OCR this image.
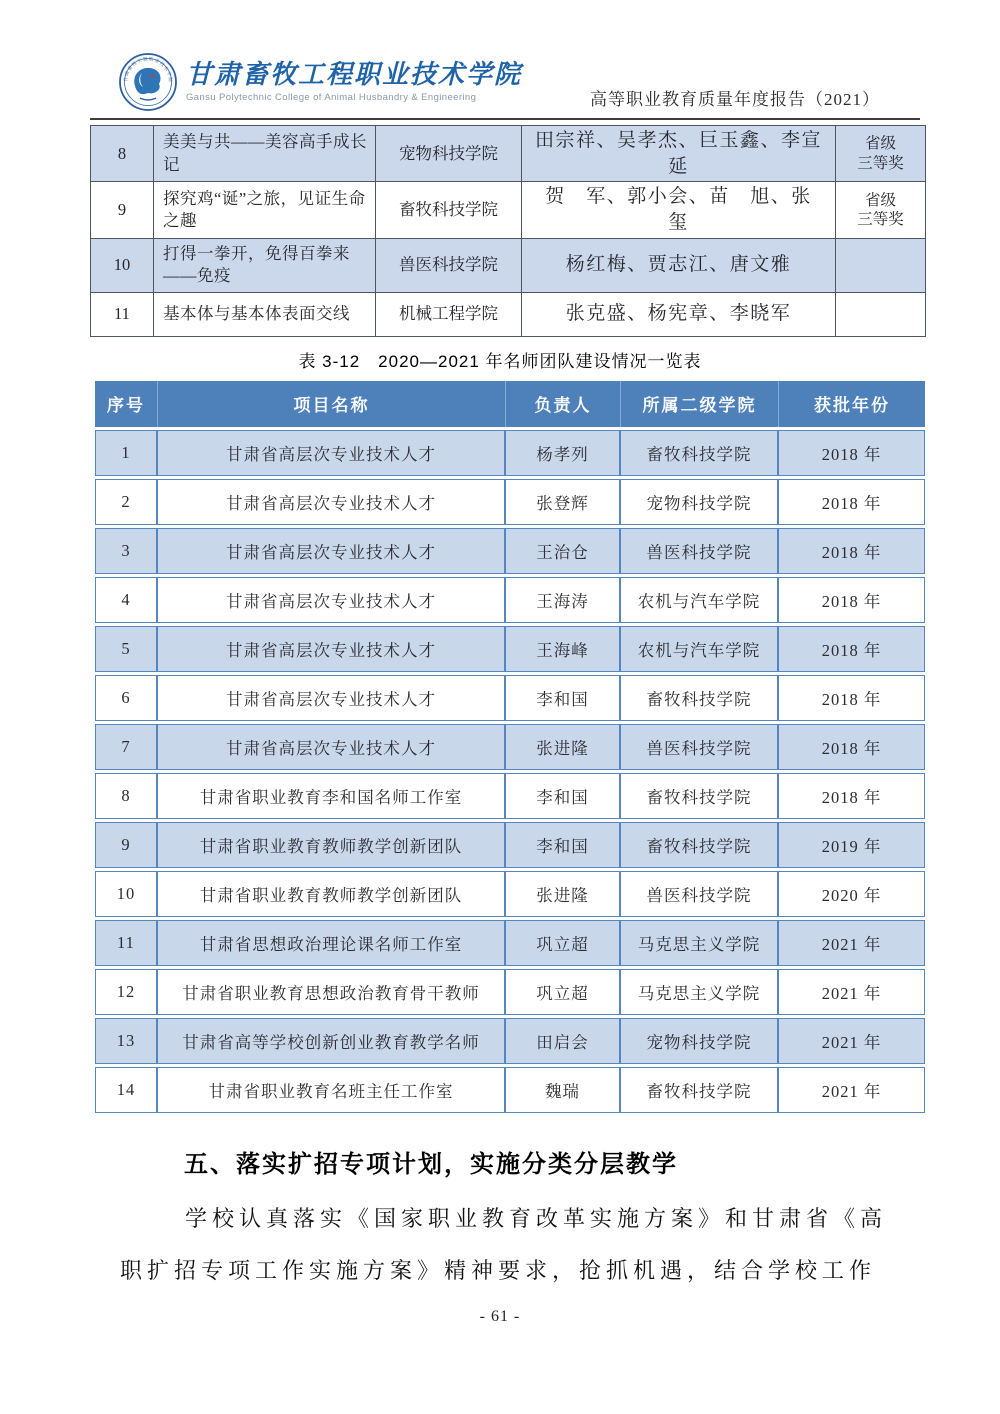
甘肃畜牧工程职业技术学院 甘肃畜牧工程职业技术学院
Gansu Polytechnic College of Animal Husbandry & Engineering	高等职业教育质量年度报告（2021）
8	美美与共——美容高手成长记	宠物科技学院	田宗祥、吴孝杰、巨玉鑫、李宣延	省级
三等奖
9	探究鸡“诞”之旅，见证生命之趣	畜牧科技学院	贺　军、郭小会、苗　旭、张　玺	省级
三等奖
10	打得一拳开，免得百拳来——免疫	兽医科技学院	杨红梅、贾志江、唐文雅	
11	基本体与基本体表面交线	机械工程学院	张克盛、杨宪章、李晓军	
表 3-12　2020—2021 年名师团队建设情况一览表
序号	项目名称	负责人	所属二级学院	获批年份
1	甘肃省高层次专业技术人才	杨孝列	畜牧科技学院	2018 年
2	甘肃省高层次专业技术人才	张登辉	宠物科技学院	2018 年
3	甘肃省高层次专业技术人才	王治仓	兽医科技学院	2018 年
4	甘肃省高层次专业技术人才	王海涛	农机与汽车学院	2018 年
5	甘肃省高层次专业技术人才	王海峰	农机与汽车学院	2018 年
6	甘肃省高层次专业技术人才	李和国	畜牧科技学院	2018 年
7	甘肃省高层次专业技术人才	张进隆	兽医科技学院	2018 年
8	甘肃省职业教育李和国名师工作室	李和国	畜牧科技学院	2018 年
9	甘肃省职业教育教师教学创新团队	李和国	畜牧科技学院	2019 年
10	甘肃省职业教育教师教学创新团队	张进隆	兽医科技学院	2020 年
11	甘肃省思想政治理论课名师工作室	巩立超	马克思主义学院	2021 年
12	甘肃省职业教育思想政治教育骨干教师	巩立超	马克思主义学院	2021 年
13	甘肃省高等学校创新创业教育教学名师	田启会	宠物科技学院	2021 年
14	甘肃省职业教育名班主任工作室	魏瑞	畜牧科技学院	2021 年
五、落实扩招专项计划，实施分类分层教学

学校认真落实《国家职业教育改革实施方案》和甘肃省《高

职扩招专项工作实施方案》精神要求，抢抓机遇，结合学校工作

- 61 -
